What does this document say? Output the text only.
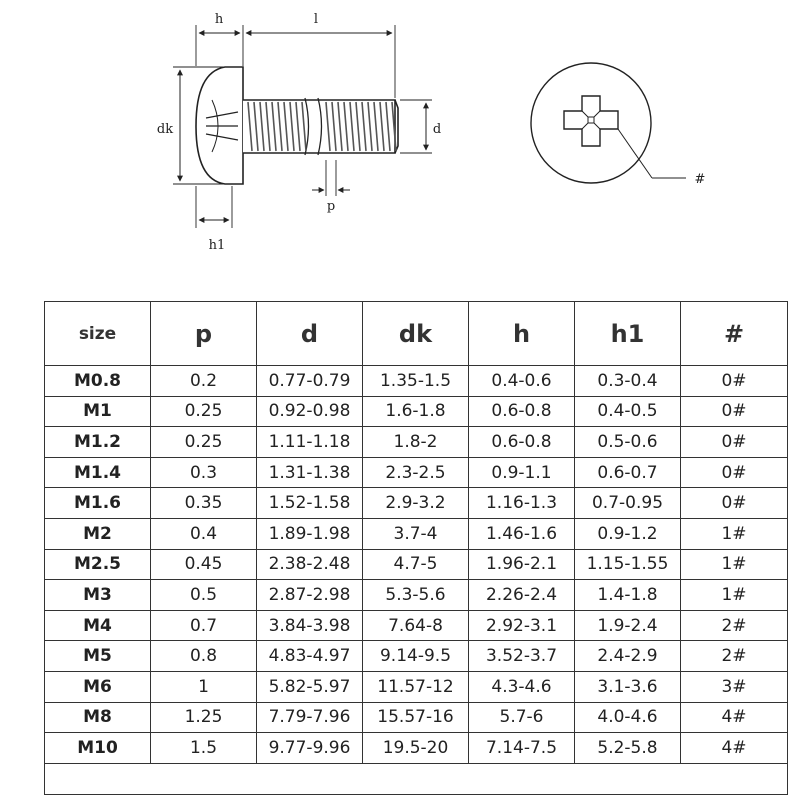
h	l
dk	d
p
h1
#
size	p	d	dk	h	h1	#
M0.8	0.2	0.77-0.79	1.35-1.5	0.4-0.6	0.3-0.4	0#
M1	0.25	0.92-0.98	1.6-1.8	0.6-0.8	0.4-0.5	0#
M1.2	0.25	1.11-1.18	1.8-2	0.6-0.8	0.5-0.6	0#
M1.4	0.3	1.31-1.38	2.3-2.5	0.9-1.1	0.6-0.7	0#
M1.6	0.35	1.52-1.58	2.9-3.2	1.16-1.3	0.7-0.95	0#
M2	0.4	1.89-1.98	3.7-4	1.46-1.6	0.9-1.2	1#
M2.5	0.45	2.38-2.48	4.7-5	1.96-2.1	1.15-1.55	1#
M3	0.5	2.87-2.98	5.3-5.6	2.26-2.4	1.4-1.8	1#
M4	0.7	3.84-3.98	7.64-8	2.92-3.1	1.9-2.4	2#
M5	0.8	4.83-4.97	9.14-9.5	3.52-3.7	2.4-2.9	2#
M6	1	5.82-5.97	11.57-12	4.3-4.6	3.1-3.6	3#
M8	1.25	7.79-7.96	15.57-16	5.7-6	4.0-4.6	4#
M10	1.5	9.77-9.96	19.5-20	7.14-7.5	5.2-5.8	4#
